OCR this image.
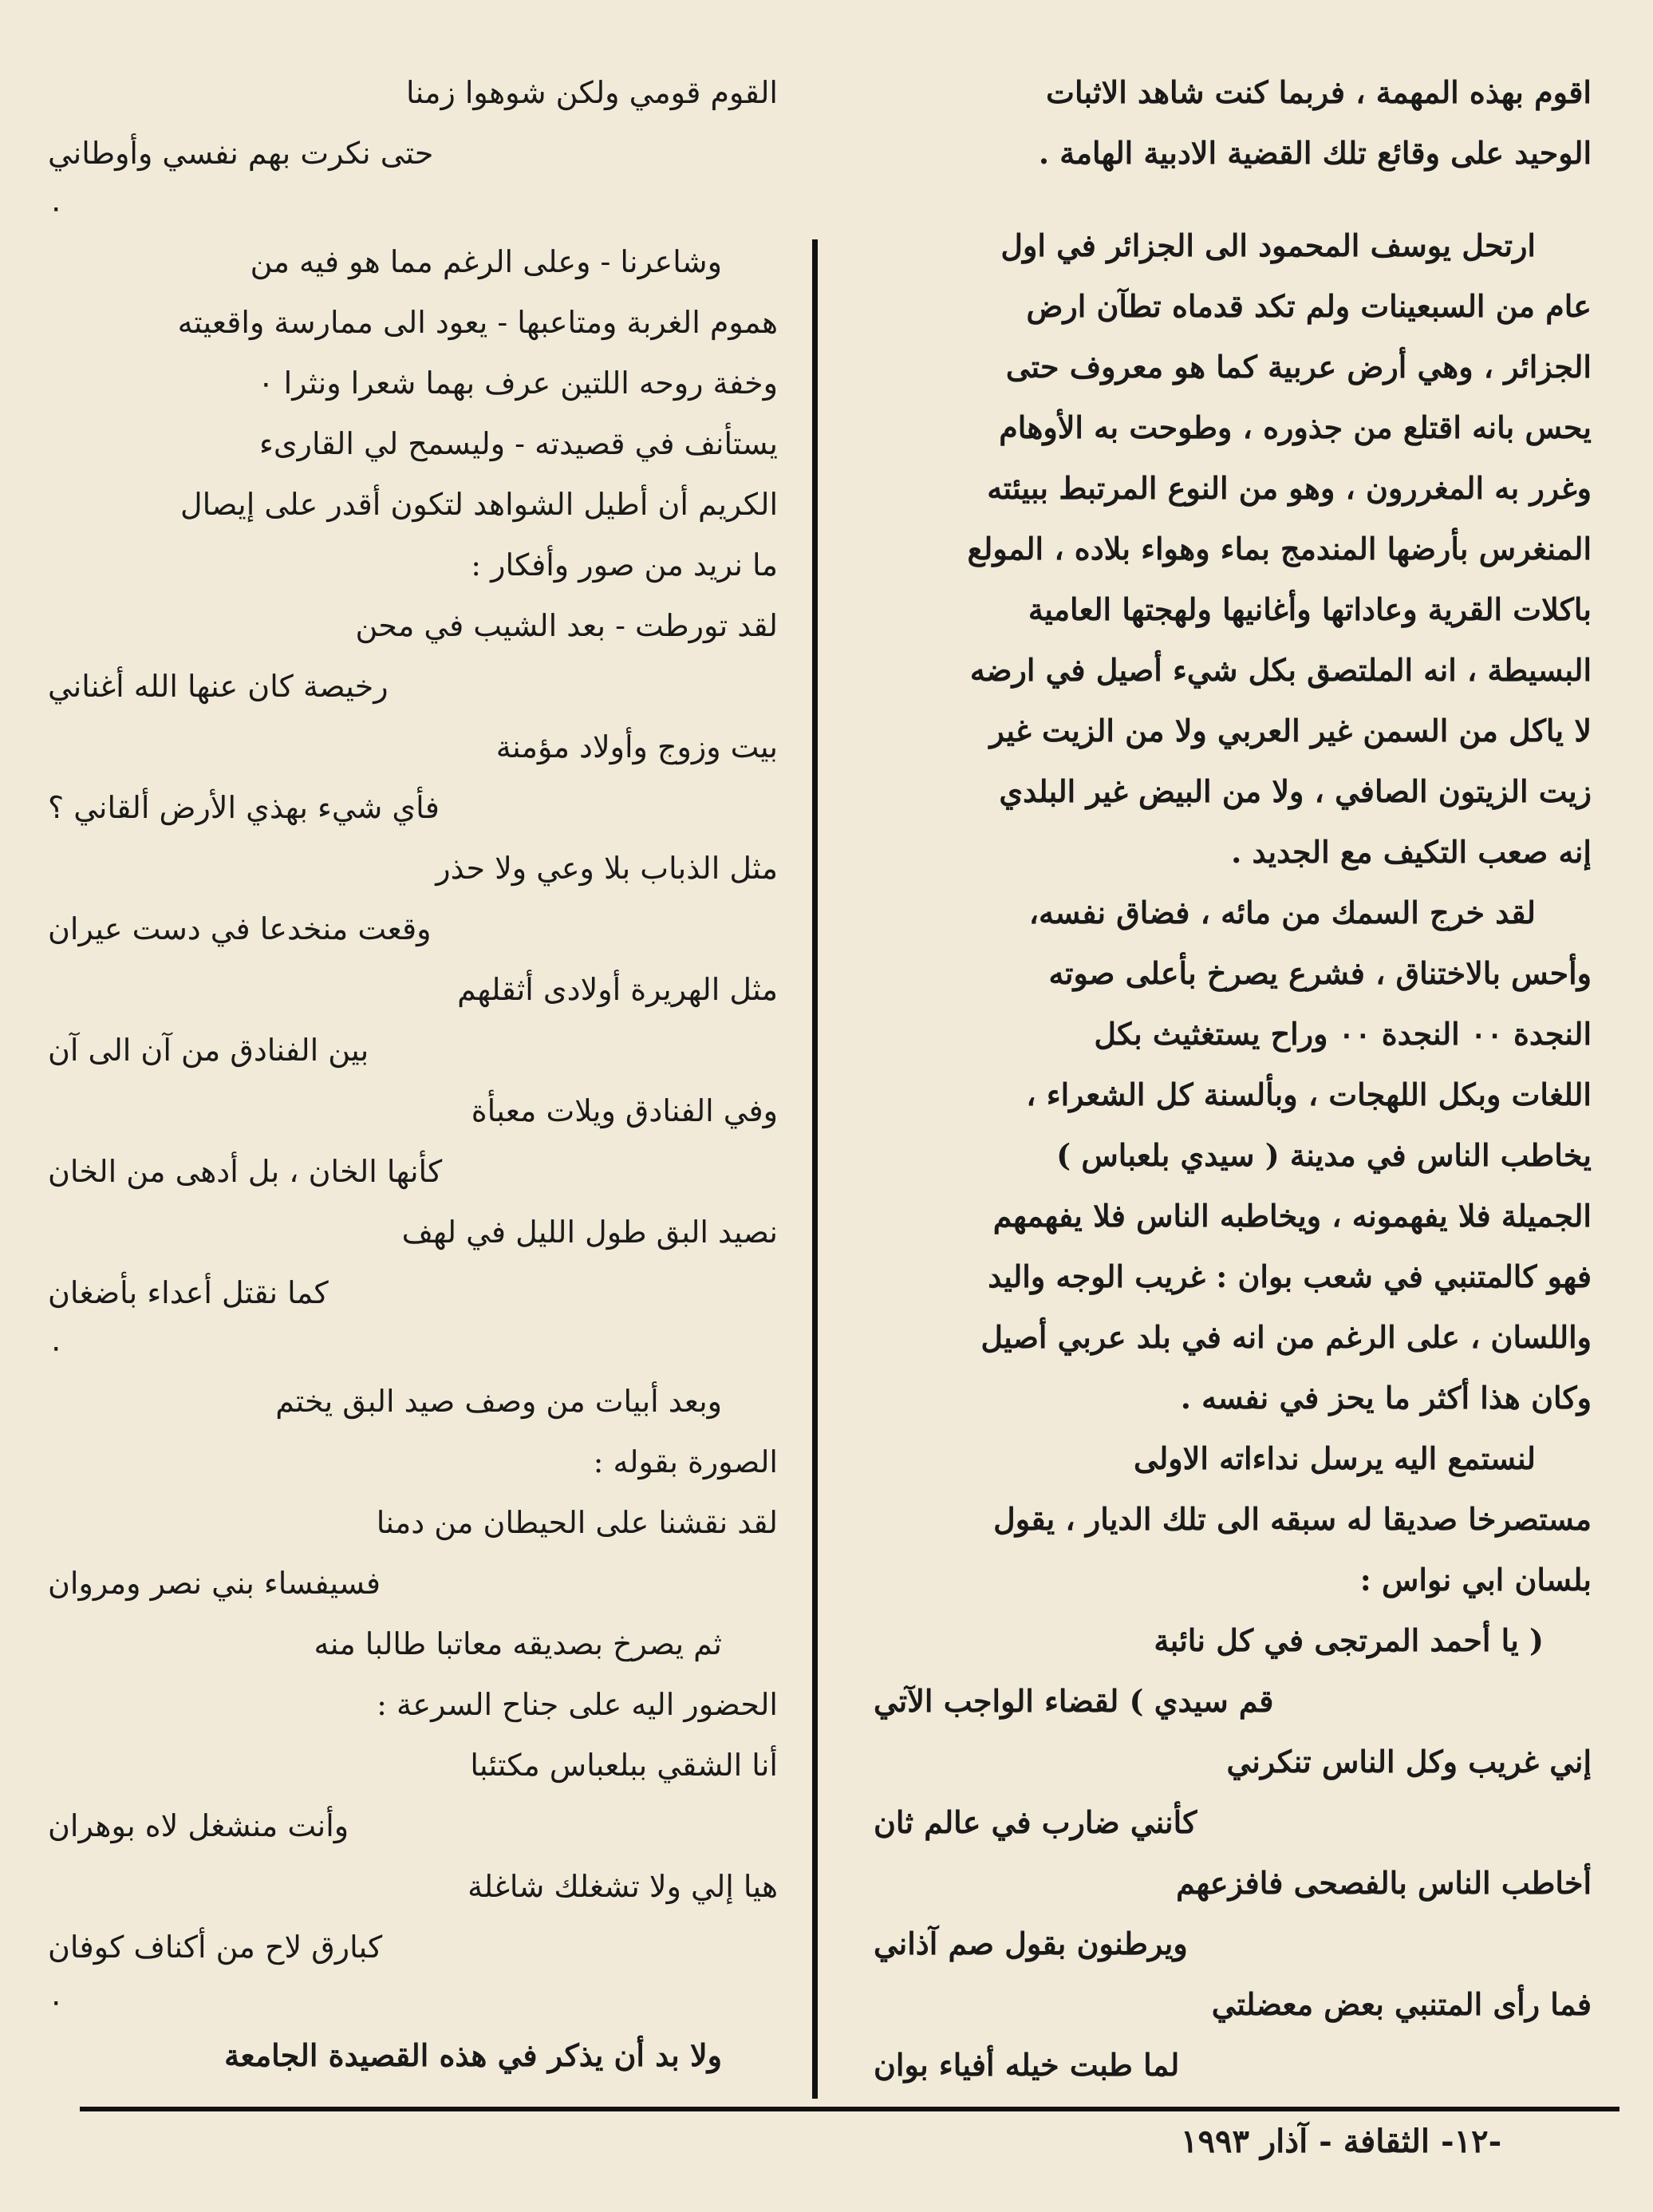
اقوم بهذه المهمة ، فربما كنت شاهد الاثبات
الوحيد على وقائع تلك القضية الادبية الهامة .
ارتحل يوسف المحمود الى الجزائر في اول
عام من السبعينات ولم تكد قدماه تطآن ارض
الجزائر ، وهي أرض عربية كما هو معروف حتى
يحس بانه اقتلع من جذوره ، وطوحت به الأوهام
وغرر به المغررون ، وهو من النوع المرتبط ببيئته
المنغرس بأرضها المندمج بماء وهواء بلاده ، المولع
باكلات القرية وعاداتها وأغانيها ولهجتها العامية
البسيطة ، انه الملتصق بكل شيء أصيل في ارضه
لا ياكل من السمن غير العربي ولا من الزيت غير
زيت الزيتون الصافي ، ولا من البيض غير البلدي
إنه صعب التكيف مع الجديد .
لقد خرج السمك من مائه ، فضاق نفسه،
وأحس بالاختناق ، فشرع يصرخ بأعلى صوته
النجدة ٠٠ النجدة ٠٠ وراح يستغثيث بكل
اللغات وبكل اللهجات ، وبألسنة كل الشعراء ،
يخاطب الناس في مدينة ( سيدي بلعباس )
الجميلة فلا يفهمونه ، ويخاطبه الناس فلا يفهمهم
فهو كالمتنبي في شعب بوان : غريب الوجه واليد
واللسان ، على الرغم من انه في بلد عربي أصيل
وكان هذا أكثر ما يحز في نفسه .
لنستمع اليه يرسل نداءاته الاولى
مستصرخا صديقا له سبقه الى تلك الديار ، يقول
بلسان ابي نواس :
( يا أحمد المرتجى في كل نائبة
قم سيدي ) لقضاء الواجب الآتي
إني غريب وكل الناس تنكرني
كأنني ضارب في عالم ثان
أخاطب الناس بالفصحى فافزعهم
ويرطنون بقول صم آذاني
فما رأى المتنبي بعض معضلتي
لما طبت خيله أفياء بوان
القوم قومي ولكن شوهوا زمنا
حتى نكرت بهم نفسي وأوطاني
٠
وشاعرنا - وعلى الرغم مما هو فيه من
هموم الغربة ومتاعبها - يعود الى ممارسة واقعيته
وخفة روحه اللتين عرف بهما شعرا ونثرا ٠
يستأنف في قصيدته - وليسمح لي القارىء
الكريم أن أطيل الشواهد لتكون أقدر على إيصال
ما نريد من صور وأفكار :
لقد تورطت - بعد الشيب في محن
رخيصة كان عنها الله أغناني
بيت وزوج وأولاد مؤمنة
فأي شيء بهذي الأرض ألقاني ؟
مثل الذباب بلا وعي ولا حذر
وقعت منخدعا في دست عيران
مثل الهريرة أولادى أثقلهم
بين الفنادق من آن الى آن
وفي الفنادق ويلات معبأة
كأنها الخان ، بل أدهى من الخان
نصيد البق طول الليل في لهف
كما نقتل أعداء بأضغان
٠
وبعد أبيات من وصف صيد البق يختم
الصورة بقوله :
لقد نقشنا على الحيطان من دمنا
فسيفساء بني نصر ومروان
ثم يصرخ بصديقه معاتبا طالبا منه
الحضور اليه على جناح السرعة :
أنا الشقي ببلعباس مكتئبا
وأنت منشغل لاه بوهران
هيا إلي ولا تشغلك شاغلة
كبارق لاح من أكناف كوفان
٠
ولا بد أن يذكر في هذه القصيدة الجامعة
-١٢- الثقافة - آذار ١٩٩٣
